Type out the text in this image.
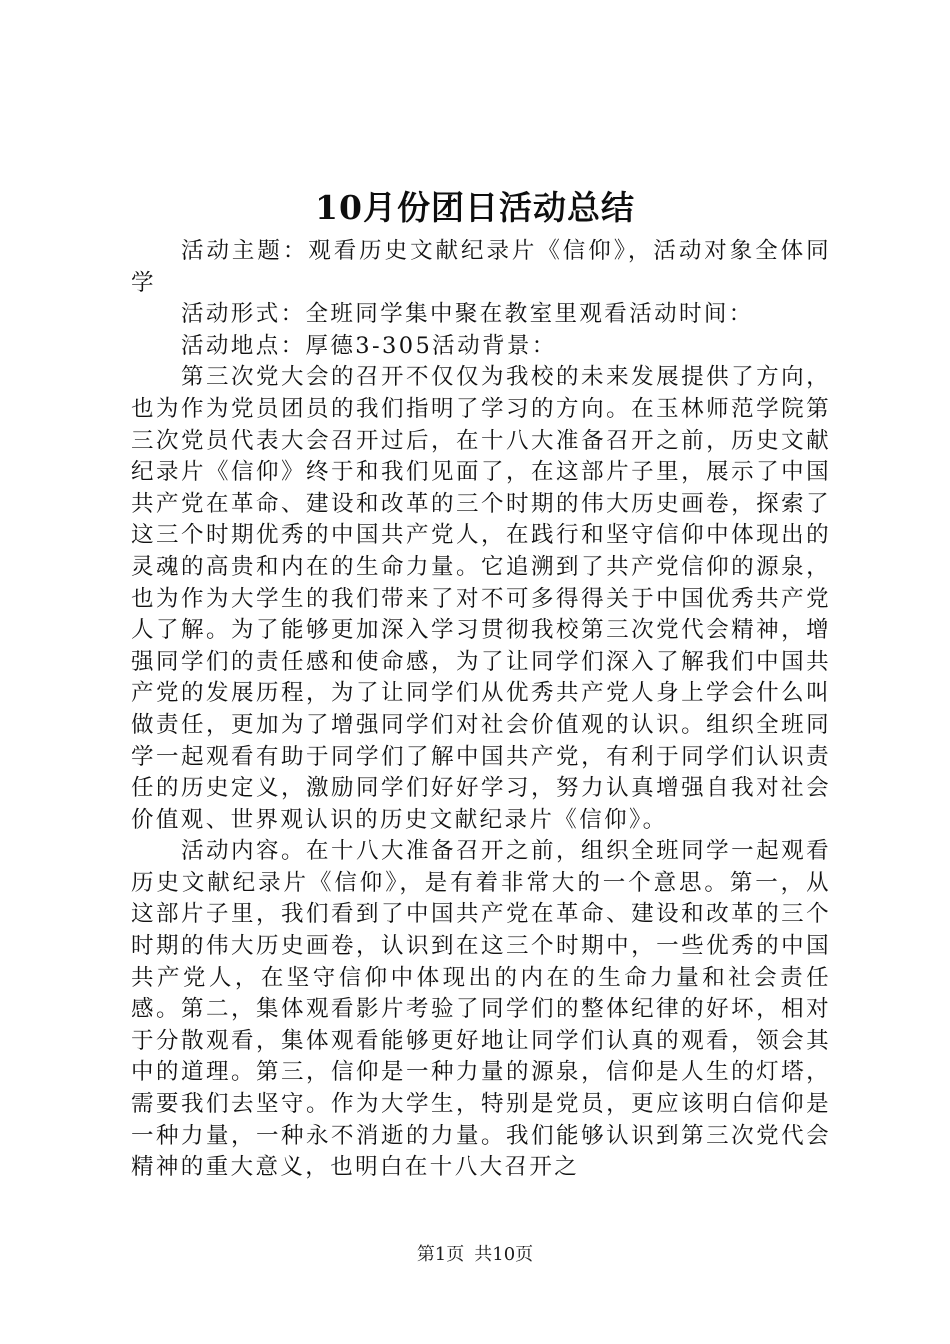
10月份团日活动总结

活动主题：观看历史文献纪录片《信仰》，活动对象全体同学

活动形式：全班同学集中聚在教室里观看活动时间：

活动地点：厚德3-305活动背景：

第三次党大会的召开不仅仅为我校的未来发展提供了方向，也为作为党员团员的我们指明了学习的方向。在玉林师范学院第三次党员代表大会召开过后，在十八大准备召开之前，历史文献纪录片《信仰》终于和我们见面了，在这部片子里，展示了中国共产党在革命、建设和改革的三个时期的伟大历史画卷，探索了这三个时期优秀的中国共产党人，在践行和坚守信仰中体现出的灵魂的高贵和内在的生命力量。它追溯到了共产党信仰的源泉，也为作为大学生的我们带来了对不可多得得关于中国优秀共产党人了解。为了能够更加深入学习贯彻我校第三次党代会精神，增强同学们的责任感和使命感，为了让同学们深入了解我们中国共产党的发展历程，为了让同学们从优秀共产党人身上学会什么叫做责任，更加为了增强同学们对社会价值观的认识。组织全班同学一起观看有助于同学们了解中国共产党，有利于同学们认识责任的历史定义，激励同学们好好学习，努力认真增强自我对社会价值观、世界观认识的历史文献纪录片《信仰》。

活动内容。在十八大准备召开之前，组织全班同学一起观看历史文献纪录片《信仰》，是有着非常大的一个意思。第一，从这部片子里，我们看到了中国共产党在革命、建设和改革的三个时期的伟大历史画卷，认识到在这三个时期中，一些优秀的中国共产党人，在坚守信仰中体现出的内在的生命力量和社会责任感。第二，集体观看影片考验了同学们的整体纪律的好坏，相对于分散观看，集体观看能够更好地让同学们认真的观看，领会其中的道理。第三，信仰是一种力量的源泉，信仰是人生的灯塔，需要我们去坚守。作为大学生，特别是党员，更应该明白信仰是一种力量，一种永不消逝的力量。我们能够认识到第三次党代会精神的重大意义，也明白在十八大召开之

第1页 共10页
